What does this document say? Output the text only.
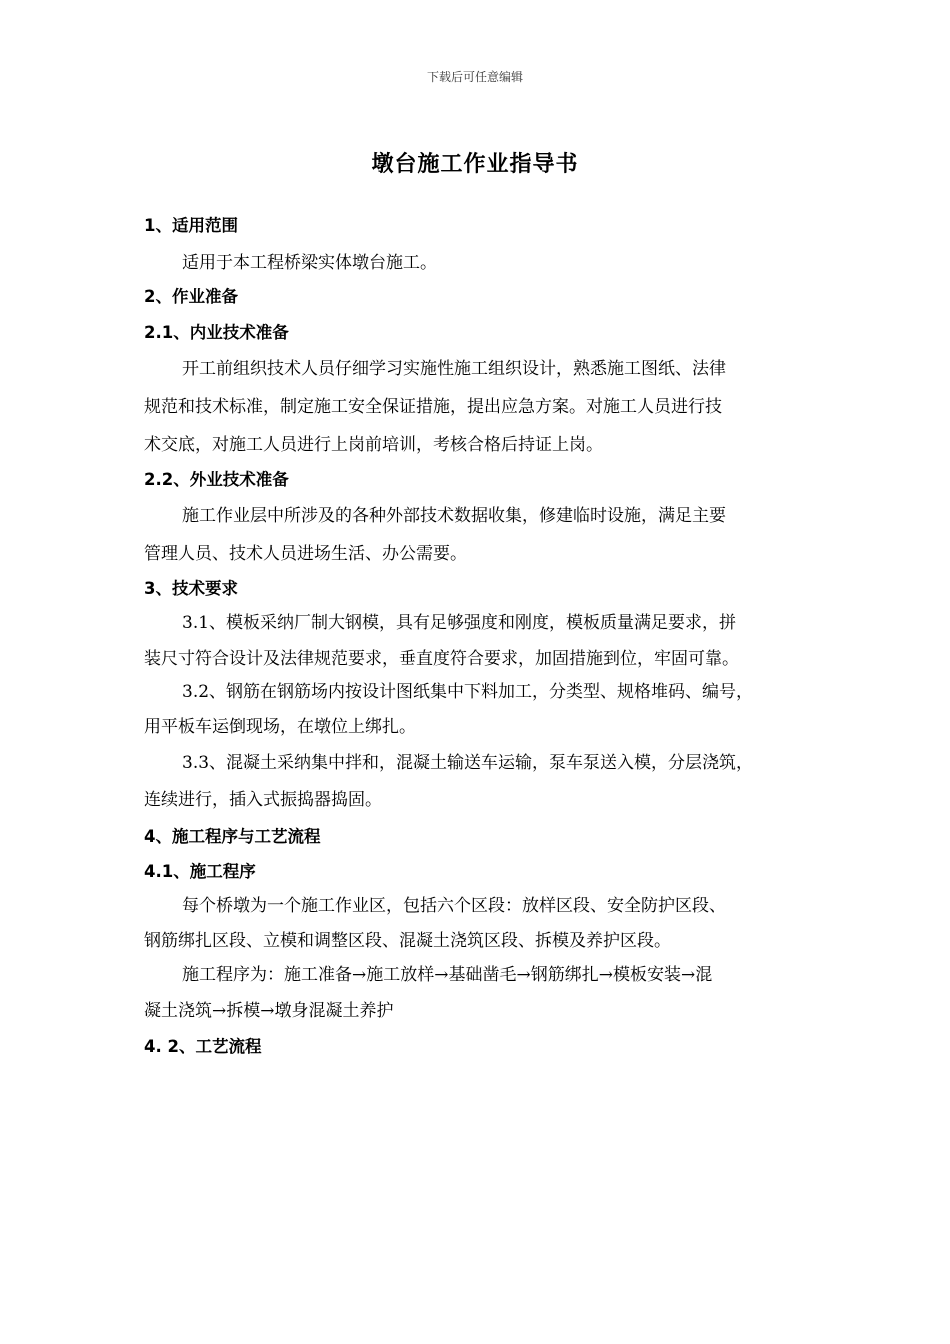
下载后可任意编辑
墩台施工作业指导书
1、适用范围
适用于本工程桥梁实体墩台施工。
2、作业准备
2.1、内业技术准备
开工前组织技术人员仔细学习实施性施工组织设计，熟悉施工图纸、法律
规范和技术标准，制定施工安全保证措施，提出应急方案。对施工人员进行技
术交底，对施工人员进行上岗前培训，考核合格后持证上岗。
2.2、外业技术准备
施工作业层中所涉及的各种外部技术数据收集，修建临时设施，满足主要
管理人员、技术人员进场生活、办公需要。
3、技术要求
3.1、模板采纳厂制大钢模，具有足够强度和刚度，模板质量满足要求，拼
装尺寸符合设计及法律规范要求，垂直度符合要求，加固措施到位，牢固可靠。
3.2、钢筋在钢筋场内按设计图纸集中下料加工，分类型、规格堆码、编号，
用平板车运倒现场，在墩位上绑扎。
3.3、混凝土采纳集中拌和，混凝土输送车运输，泵车泵送入模，分层浇筑，
连续进行，插入式振捣器捣固。
4、施工程序与工艺流程
4.1、施工程序
每个桥墩为一个施工作业区，包括六个区段：放样区段、安全防护区段、
钢筋绑扎区段、立模和调整区段、混凝土浇筑区段、拆模及养护区段。
施工程序为：施工准备→施工放样→基础凿毛→钢筋绑扎→模板安装→混
凝土浇筑→拆模→墩身混凝土养护
4. 2、工艺流程
